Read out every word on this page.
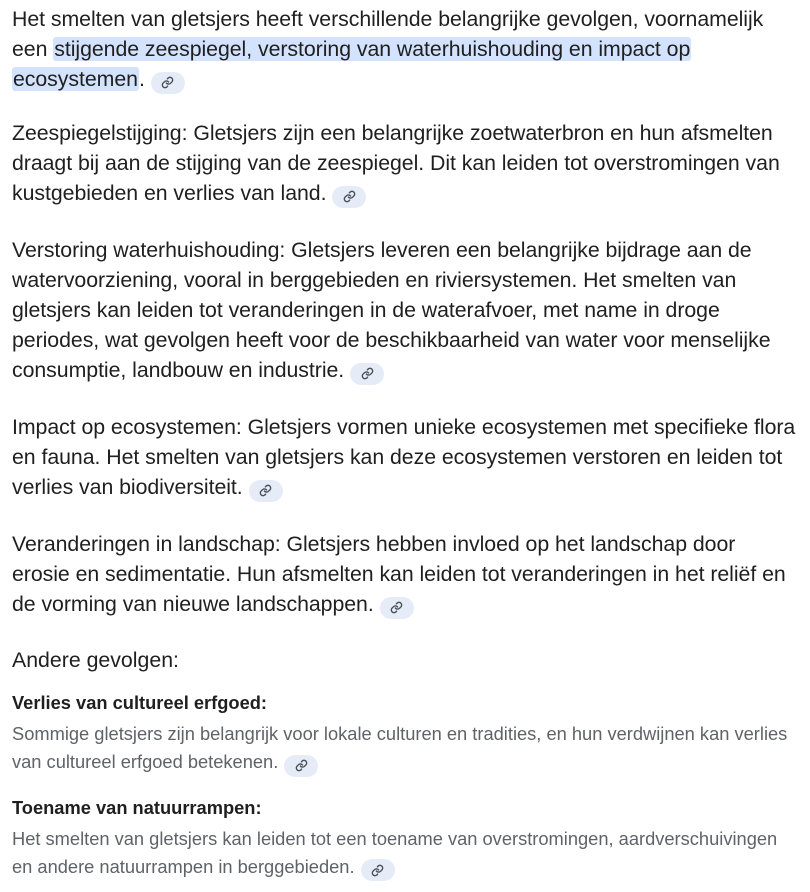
Het smelten van gletsjers heeft verschillende belangrijke gevolgen, voornamelijk een stijgende zeespiegel, verstoring van waterhuishouding en impact op ecosystemen.

Zeespiegelstijging: Gletsjers zijn een belangrijke zoetwaterbron en hun afsmelten draagt bij aan de stijging van de zeespiegel. Dit kan leiden tot overstromingen van kustgebieden en verlies van land.

Verstoring waterhuishouding: Gletsjers leveren een belangrijke bijdrage aan de watervoorziening, vooral in berggebieden en riviersystemen. Het smelten van gletsjers kan leiden tot veranderingen in de waterafvoer, met name in droge periodes, wat gevolgen heeft voor de beschikbaarheid van water voor menselijke consumptie, landbouw en industrie.

Impact op ecosystemen: Gletsjers vormen unieke ecosystemen met specifieke flora en fauna. Het smelten van gletsjers kan deze ecosystemen verstoren en leiden tot verlies van biodiversiteit.

Veranderingen in landschap: Gletsjers hebben invloed op het landschap door erosie en sedimentatie. Hun afsmelten kan leiden tot veranderingen in het reliëf en de vorming van nieuwe landschappen.

Andere gevolgen:

Verlies van cultureel erfgoed:

Sommige gletsjers zijn belangrijk voor lokale culturen en tradities, en hun verdwijnen kan verlies van cultureel erfgoed betekenen.

Toename van natuurrampen:

Het smelten van gletsjers kan leiden tot een toename van overstromingen, aardverschuivingen en andere natuurrampen in berggebieden.
